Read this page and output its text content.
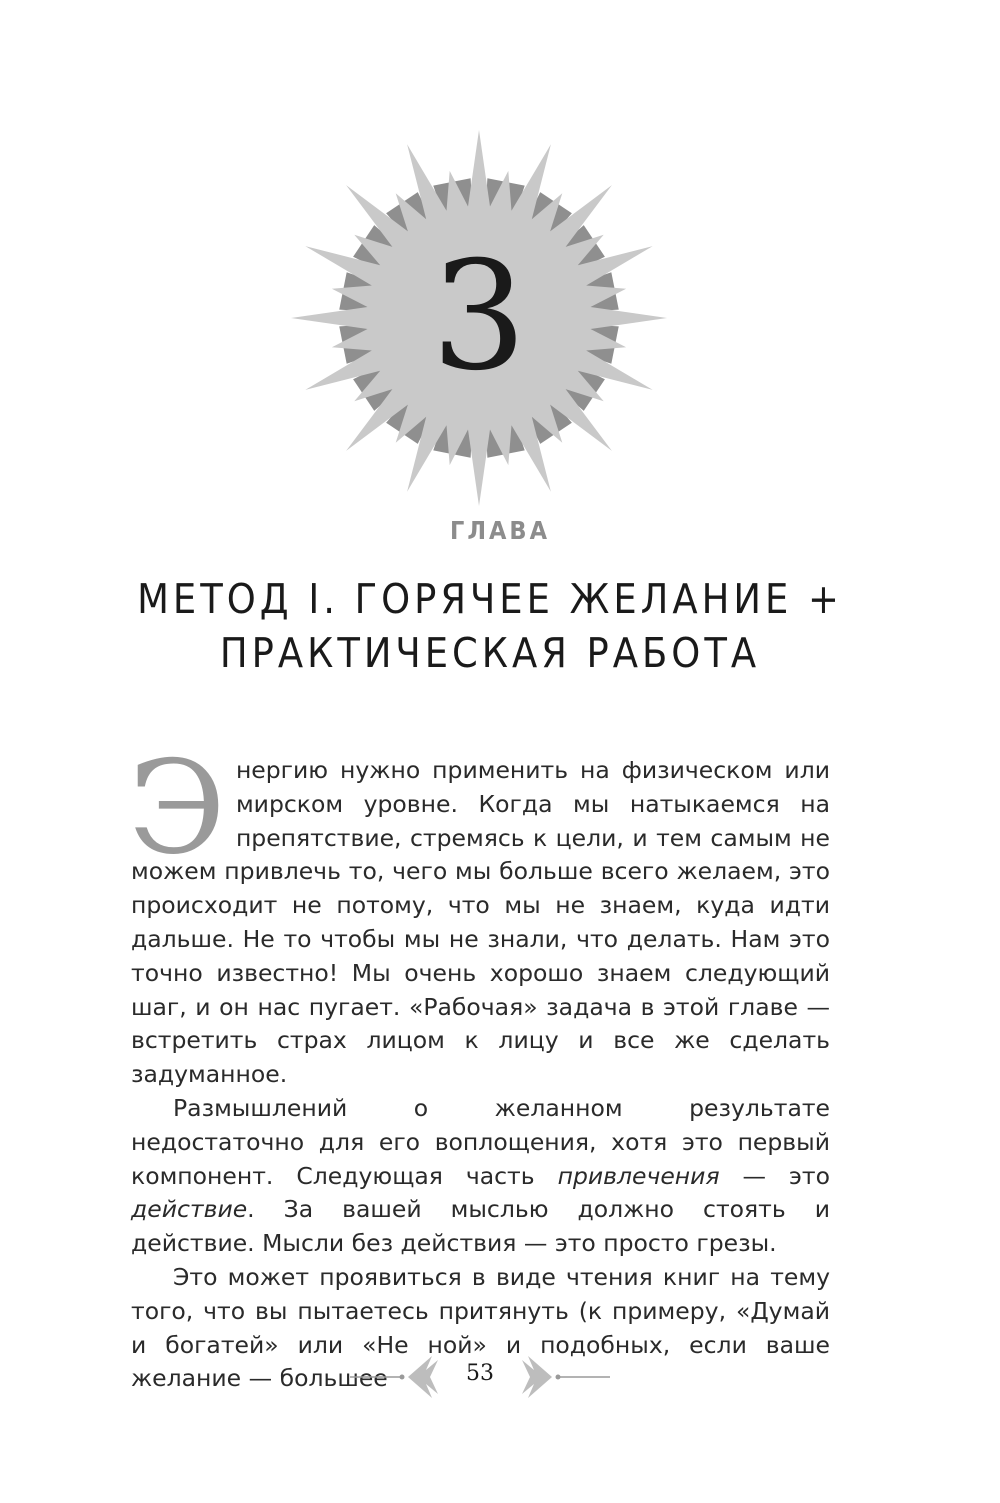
3
ГЛАВА
МЕТОД I. ГОРЯЧЕЕ ЖЕЛАНИЕ +
ПРАКТИЧЕСКАЯ РАБОТА

Энергию нужно применить на физическом или мирском уровне. Когда мы натыкаемся на препятствие, стремясь к цели, и тем самым не можем привлечь то, чего мы больше всего желаем, это происходит не потому, что мы не знаем, куда идти дальше. Не то чтобы мы не знали, что делать. Нам это точно известно! Мы очень хорошо знаем следующий шаг, и он нас пугает. «Рабочая» задача в этой главе — встретить страх лицом к лицу и все же сделать задуманное.

Размышлений о желанном результате недостаточно для его воплощения, хотя это первый компонент. Следующая часть привлечения — это действие. За вашей мыслью должно стоять и действие. Мысли без действия — это просто грезы.

Это может проявиться в виде чтения книг на тему того, что вы пытаетесь притянуть (к примеру, «Думай и богатей» или «Не ной» и подобных, если ваше желание — большее	53
